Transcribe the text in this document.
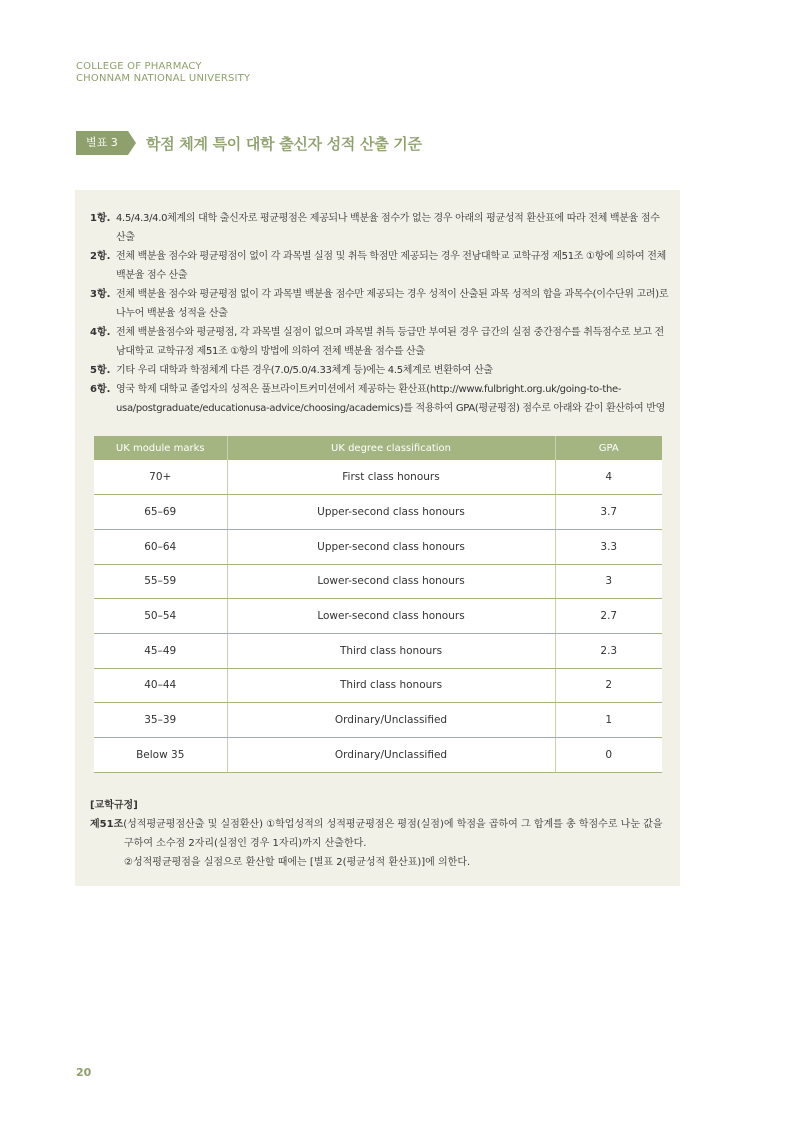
COLLEGE OF PHARMACY
CHONNAM NATIONAL UNIVERSITY
별표 3	학점 체계 특이 대학 출신자 성적 산출 기준
1항. 4.5/4.3/4.0체계의 대학 출신자로 평균평점은 제공되나 백분율 점수가 없는 경우 아래의 평균성적 환산표에 따라 전체 백분율 점수 산출
2항. 전체 백분율 점수와 평균평점이 없이 각 과목별 실점 및 취득 학점만 제공되는 경우 전남대학교 교학규정 제51조 ①항에 의하여 전체 백분율 점수 산출
3항. 전체 백분율 점수와 평균평점 없이 각 과목별 백분율 점수만 제공되는 경우 성적이 산출된 과목 성적의 합을 과목수(이수단위 고려)로 나누어 백분율 성적을 산출
4항. 전체 백분율점수와 평균평점, 각 과목별 실점이 없으며 과목별 취득 등급만 부여된 경우 급간의 실점 중간점수를 취득점수로 보고 전남대학교 교학규정 제51조 ①항의 방법에 의하여 전체 백분율 점수를 산출
5항. 기타 우리 대학과 학점체계 다른 경우(7.0/5.0/4.33체계 등)에는 4.5체계로 변환하여 산출
6항. 영국 학제 대학교 졸업자의 성적은 풀브라이트커미션에서 제공하는 환산표(http://www.fulbright.org.uk/going-to-the-usa/postgraduate/educationusa-advice/choosing/academics)를 적용하여 GPA(평균평점) 점수로 아래와 같이 환산하여 반영
UK module marks	UK degree classification	GPA
70+	First class honours	4
65–69	Upper-second class honours	3.7
60–64	Upper-second class honours	3.3
55–59	Lower-second class honours	3
50–54	Lower-second class honours	2.7
45–49	Third class honours	2.3
40–44	Third class honours	2
35–39	Ordinary/Unclassified	1
Below 35	Ordinary/Unclassified	0
[교학규정]
제51조 (성적평균평점산출 및 실점환산) ①학업성적의 성적평균평점은 평점(실점)에 학점을 곱하여 그 합계를 총 학점수로 나눈 값을
구하여 소수점 2자리(실점인 경우 1자리)까지 산출한다.
②성적평균평점을 실점으로 환산할 때에는 [별표 2(평균성적 환산표)]에 의한다.
20
